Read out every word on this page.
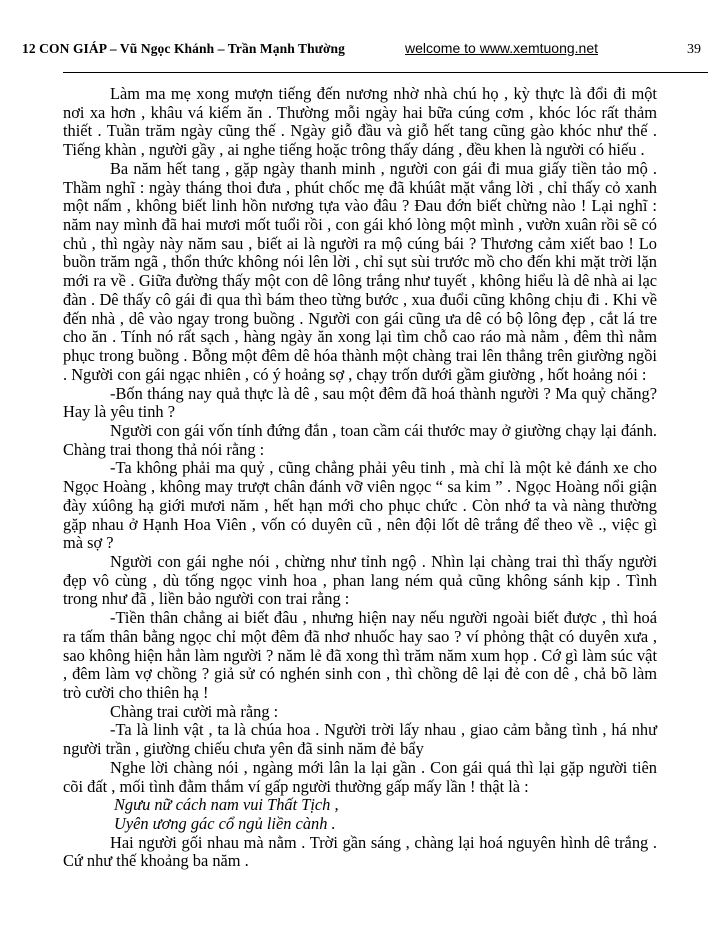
12 CON GIÁP – Vũ Ngọc Khánh – Trần Mạnh Thường	welcome to www.xemtuong.net	39

Làm ma mẹ xong mượn tiếng đến nương nhờ nhà chú họ , kỳ thực là đổi đi một nơi xa hơn , khâu vá kiếm ăn . Thường mỗi ngày hai bữa cúng cơm , khóc lóc rất thảm thiết . Tuần trăm ngày cũng thế . Ngày giỗ đầu và giỗ hết tang cũng gào khóc như thế . Tiếng khàn , người gầy , ai nghe tiếng hoặc trông thấy dáng , đều khen là người có hiếu .

Ba năm hết tang , gặp ngày thanh minh , người con gái đi mua giấy tiền tảo mộ . Thầm nghĩ : ngày tháng thoi đưa , phút chốc mẹ đã khúât mặt vắng lời , chỉ thấy cỏ xanh một nấm , không biết linh hồn nương tựa vào đâu ? Đau đớn biết chừng nào ! Lại nghĩ : năm nay mình đã hai mươi mốt tuổi rồi , con gái khó lòng một mình , vườn xuân rồi sẽ có chủ , thì ngày này năm sau , biết ai là người ra mộ cúng bái ? Thương cảm xiết bao ! Lo buồn trăm ngã , thổn thức không nói lên lời , chỉ sụt sùi trước mồ cho đến khi mặt trời lặn mới ra về . Giữa đường thấy một con dê lông trắng như tuyết , không hiểu là dê nhà ai lạc đàn . Dê thấy cô gái đi qua thì bám theo từng bước , xua đuổi cũng không chịu đi . Khi về đến nhà , dê vào ngay trong buồng . Người con gái cũng ưa dê có bộ lông đẹp , cắt lá tre cho ăn . Tính nó rất sạch , hàng ngày ăn xong lại tìm chỗ cao ráo mà nằm , đêm thì nằm phục trong buồng . Bỗng một đêm dê hóa thành một chàng trai lên thẳng trên giường ngồi . Người con gái ngạc nhiên , có ý hoảng sợ , chạy trốn dưới gầm giường , hốt hoảng nói :

-Bốn tháng nay quả thực là dê , sau một đêm đã hoá thành người ? Ma quỷ chăng?Hay là yêu tinh ?

Người con gái vốn tính đứng đắn , toan cầm cái thước may ở giường chạy lại đánh. Chàng trai thong thả nói rằng :

-Ta không phải ma quỷ , cũng chẳng phải yêu tinh , mà chỉ là một kẻ đánh xe cho Ngọc Hoàng , không may trượt chân đánh vỡ viên ngọc “ sa kim ” . Ngọc Hoàng nổi giận đày xúông hạ giới mươi năm , hết hạn mới cho phục chức . Còn nhớ ta và nàng thường gặp nhau ở Hạnh Hoa Viên , vốn có duyên cũ , nên đội lốt dê trắng để theo về ., việc gì mà sợ ?

Người con gái nghe nói , chừng như tỉnh ngộ . Nhìn lại chàng trai thì thấy người đẹp vô cùng , dù tống ngọc vinh hoa , phan lang ném quả cũng không sánh kịp . Tình trong như đã , liền bảo người con trai rằng :

-Tiền thân chẳng ai biết đâu , nhưng hiện nay nếu người ngoài biết được , thì hoá ra tấm thân bằng ngọc chỉ một đêm đã nhơ nhuốc hay sao ? ví phỏng thật có duyên xưa , sao không hiện hẳn làm người ? năm lẻ đã xong thì trăm năm xum họp . Cớ gì làm súc vật , đêm làm vợ chồng ? giả sử có nghén sinh con , thì chồng dê lại đẻ con dê , chả bõ làm trò cười cho thiên hạ !

Chàng trai cười mà rằng :

-Ta là linh vật , ta là chúa hoa . Người trời lấy nhau , giao cảm bằng tình , há như người trần , giường chiếu chưa yên đã sinh năm đẻ bẩy

Nghe lời chàng nói , ngàng mới lân la lại gần . Con gái quá thì lại gặp người tiên cõi đất , mối tình đằm thắm ví gấp người thường gấp mấy lần ! thật là :

Ngưu nữ cách nam vui Thất Tịch ,

Uyên ương gác cổ ngủ liền cành .

Hai người gối nhau mà nằm . Trời gần sáng , chàng lại hoá nguyên hình dê trắng . Cứ như thế khoảng ba năm .
